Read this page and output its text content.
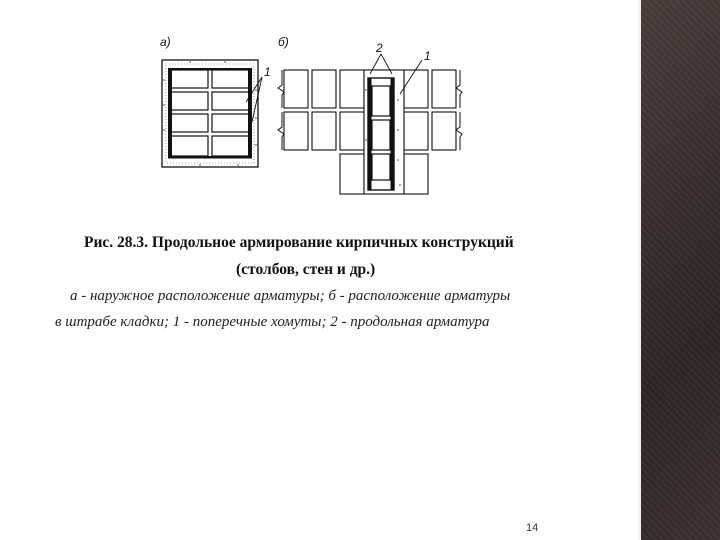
а)	б)
1
2
1
Рис. 28.3. Продольное армирование кирпичных конструкций
(столбов, стен и др.)
а - наружное расположение арматуры; б - расположение арматуры
в штрабе кладки; 1 - поперечные хомуты; 2 - продольная арматура
14
